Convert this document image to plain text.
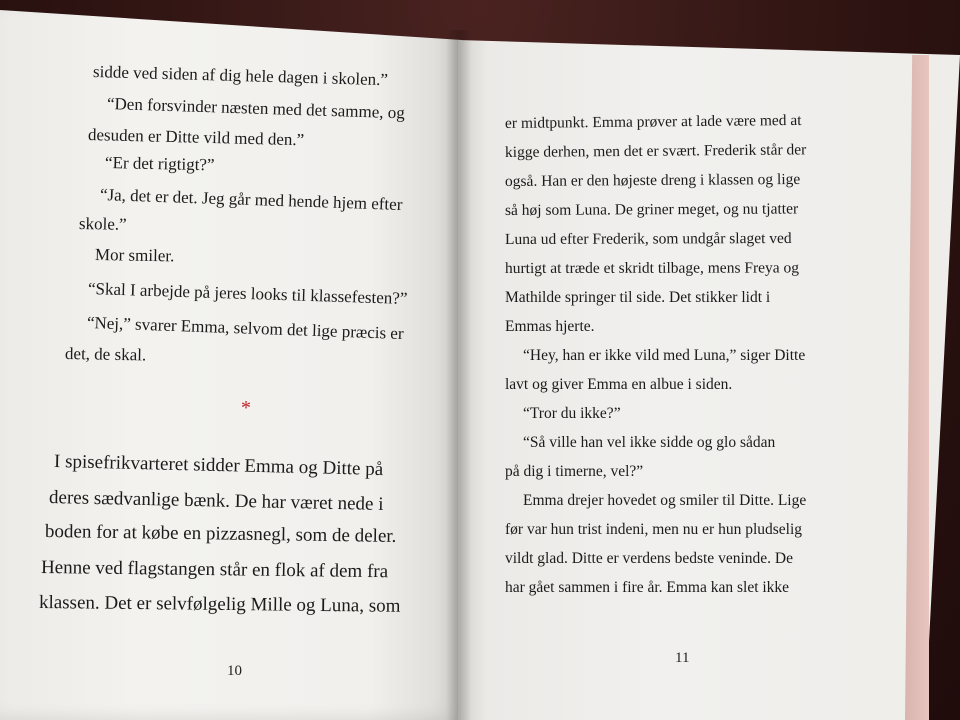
sidde ved siden af dig hele dagen i skolen.”

“Den forsvinder næsten med det samme, og

desuden er Ditte vild med den.”

“Er det rigtigt?”

“Ja, det er det. Jeg går med hende hjem efter

skole.”

Mor smiler.

“Skal I arbejde på jeres looks til klassefesten?”

“Nej,” svarer Emma, selvom det lige præcis er

det, de skal.

*

I spisefrikvarteret sidder Emma og Ditte på

deres sædvanlige bænk. De har været nede i

boden for at købe en pizzasnegl, som de deler.

Henne ved flagstangen står en flok af dem fra

klassen. Det er selvfølgelig Mille og Luna, som

10

er midtpunkt. Emma prøver at lade være med at

kigge derhen, men det er svært. Frederik står der

også. Han er den højeste dreng i klassen og lige

så høj som Luna. De griner meget, og nu tjatter

Luna ud efter Frederik, som undgår slaget ved

hurtigt at træde et skridt tilbage, mens Freya og

Mathilde springer til side. Det stikker lidt i

Emmas hjerte.

“Hey, han er ikke vild med Luna,” siger Ditte

lavt og giver Emma en albue i siden.

“Tror du ikke?”

“Så ville han vel ikke sidde og glo sådan

på dig i timerne, vel?”

Emma drejer hovedet og smiler til Ditte. Lige

før var hun trist indeni, men nu er hun pludselig

vildt glad. Ditte er verdens bedste veninde. De

har gået sammen i fire år. Emma kan slet ikke

11
